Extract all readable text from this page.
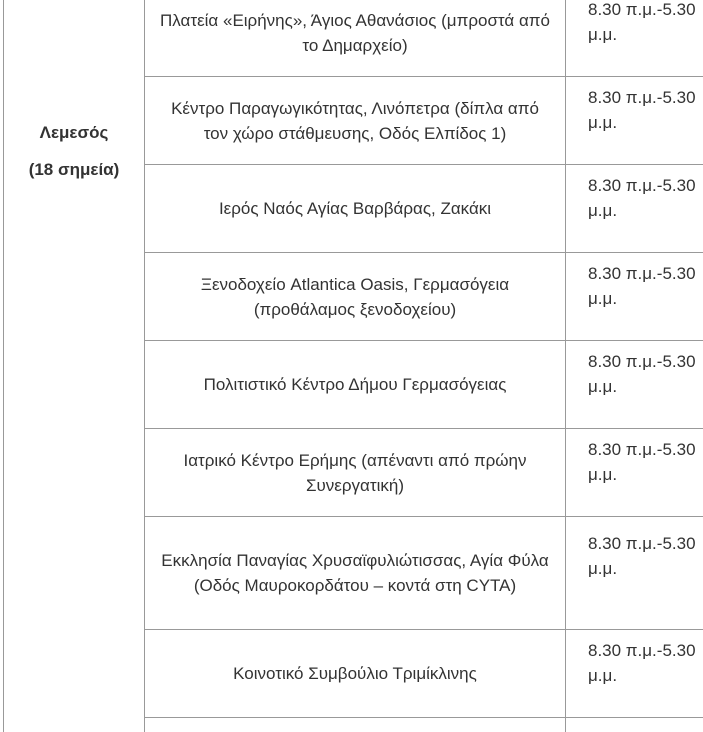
Λεμεσός
(18 σημεία)	Πλατεία «Ειρήνης», Άγιος Αθανάσιος (μπροστά από το Δημαρχείο)	8.30 π.μ.-5.30
μ.μ.

	Κέντρο Παραγωγικότητας, Λινόπετρα (δίπλα από τον χώρο στάθμευσης, Οδός Ελπίδος 1)	8.30 π.μ.-5.30
μ.μ.

	Ιερός Ναός Αγίας Βαρβάρας, Ζακάκι	8.30 π.μ.-5.30
μ.μ.

	Ξενοδοχείο Atlantica Oasis, Γερμασόγεια (προθάλαμος ξενοδοχείου)	8.30 π.μ.-5.30
μ.μ.

	Πολιτιστικό Κέντρο Δήμου Γερμασόγειας	8.30 π.μ.-5.30
μ.μ.

	Ιατρικό Κέντρο Ερήμης (απέναντι από πρώην Συνεργατική)	8.30 π.μ.-5.30
μ.μ.

	Εκκλησία Παναγίας Χρυσαϊφυλιώτισσας, Αγία Φύλα (Οδός Μαυροκορδάτου – κοντά στη CYTA)	8.30 π.μ.-5.30
μ.μ.

	Κοινοτικό Συμβούλιο Τριμίκλινης	8.30 π.μ.-5.30
μ.μ.
